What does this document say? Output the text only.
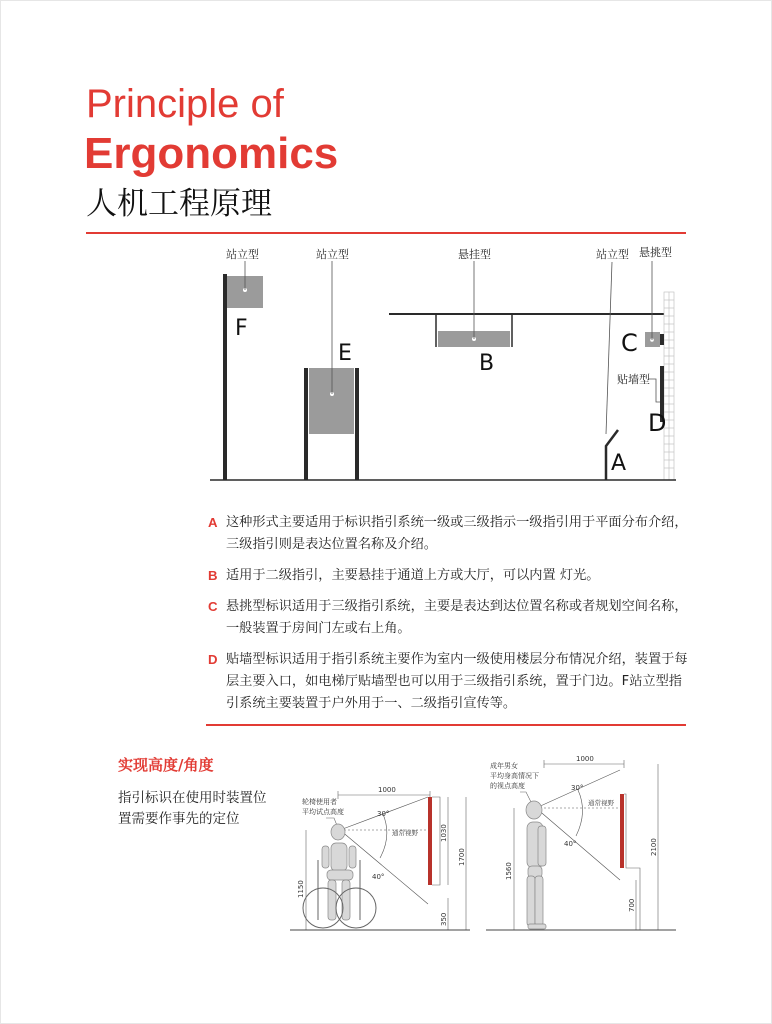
Principle of
Ergonomics
人机工程原理
站立型
F
站立型
E
悬挂型
B
悬挑型
C
贴墙型
D
站立型
A
A 这种形式主要适用于标识指引系统一级或三级指示一级指引用于平面分布介绍，三级指引则是表达位置名称及介绍。
B 适用于二级指引，主要悬挂于通道上方或大厅，可以内置 灯光。
C 悬挑型标识适用于三级指引系统，主要是表达到达位置名称或者规划空间名称，一般装置于房间门左或右上角。
D 贴墙型标识适用于指引系统主要作为室内一级使用楼层分布情况介绍，装置于每层主要入口，如电梯厅贴墙型也可以用于三级指引系统，置于门边。F站立型指引系统主要装置于户外用于一、二级指引宣传等。
实现高度/角度
指引标识在使用时装置位置需要作事先的定位
轮椅使用者
平均试点高度
1000
30°
40°
通常视野	1030
1700
350
1150
成年男女
平均身高情况下
的视点高度
1000
30°
40°
通常视野
2100
700
1560
